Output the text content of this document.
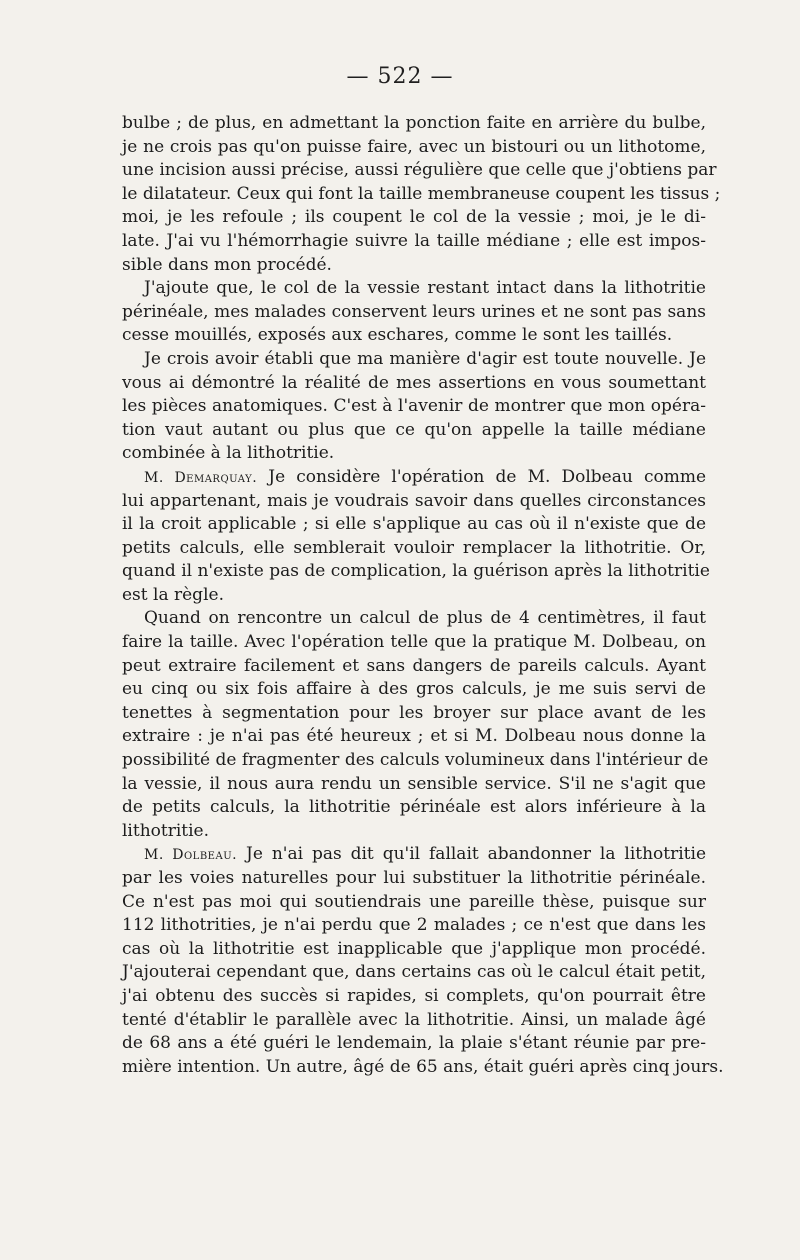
— 522 —
bulbe ; de plus, en admettant la ponction faite en arrière du bulbe,
je ne crois pas qu'on puisse faire, avec un bistouri ou un lithotome,
une incision aussi précise, aussi régulière que celle que j'obtiens par
le dilatateur. Ceux qui font la taille membraneuse coupent les tissus ;
moi, je les refoule ; ils coupent le col de la vessie ; moi, je le di-
late. J'ai vu l'hémorrhagie suivre la taille médiane ; elle est impos-
sible dans mon procédé.
J'ajoute que, le col de la vessie restant intact dans la lithotritie
périnéale, mes malades conservent leurs urines et ne sont pas sans
cesse mouillés, exposés aux eschares, comme le sont les taillés.
Je crois avoir établi que ma manière d'agir est toute nouvelle. Je
vous ai démontré la réalité de mes assertions en vous soumettant
les pièces anatomiques. C'est à l'avenir de montrer que mon opéra-
tion vaut autant ou plus que ce qu'on appelle la taille médiane
combinée à la lithotritie.
M. Demarquay. Je considère l'opération de M. Dolbeau comme
lui appartenant, mais je voudrais savoir dans quelles circonstances
il la croit applicable ; si elle s'applique au cas où il n'existe que de
petits calculs, elle semblerait vouloir remplacer la lithotritie. Or,
quand il n'existe pas de complication, la guérison après la lithotritie
est la règle.
Quand on rencontre un calcul de plus de 4 centimètres, il faut
faire la taille. Avec l'opération telle que la pratique M. Dolbeau, on
peut extraire facilement et sans dangers de pareils calculs. Ayant
eu cinq ou six fois affaire à des gros calculs, je me suis servi de
tenettes à segmentation pour les broyer sur place avant de les
extraire : je n'ai pas été heureux ; et si M. Dolbeau nous donne la
possibilité de fragmenter des calculs volumineux dans l'intérieur de
la vessie, il nous aura rendu un sensible service. S'il ne s'agit que
de petits calculs, la lithotritie périnéale est alors inférieure à la
lithotritie.
M. Dolbeau. Je n'ai pas dit qu'il fallait abandonner la lithotritie
par les voies naturelles pour lui substituer la lithotritie périnéale.
Ce n'est pas moi qui soutiendrais une pareille thèse, puisque sur
112 lithotrities, je n'ai perdu que 2 malades ; ce n'est que dans les
cas où la lithotritie est inapplicable que j'applique mon procédé.
J'ajouterai cependant que, dans certains cas où le calcul était petit,
j'ai obtenu des succès si rapides, si complets, qu'on pourrait être
tenté d'établir le parallèle avec la lithotritie. Ainsi, un malade âgé
de 68 ans a été guéri le lendemain, la plaie s'étant réunie par pre-
mière intention. Un autre, âgé de 65 ans, était guéri après cinq jours.
